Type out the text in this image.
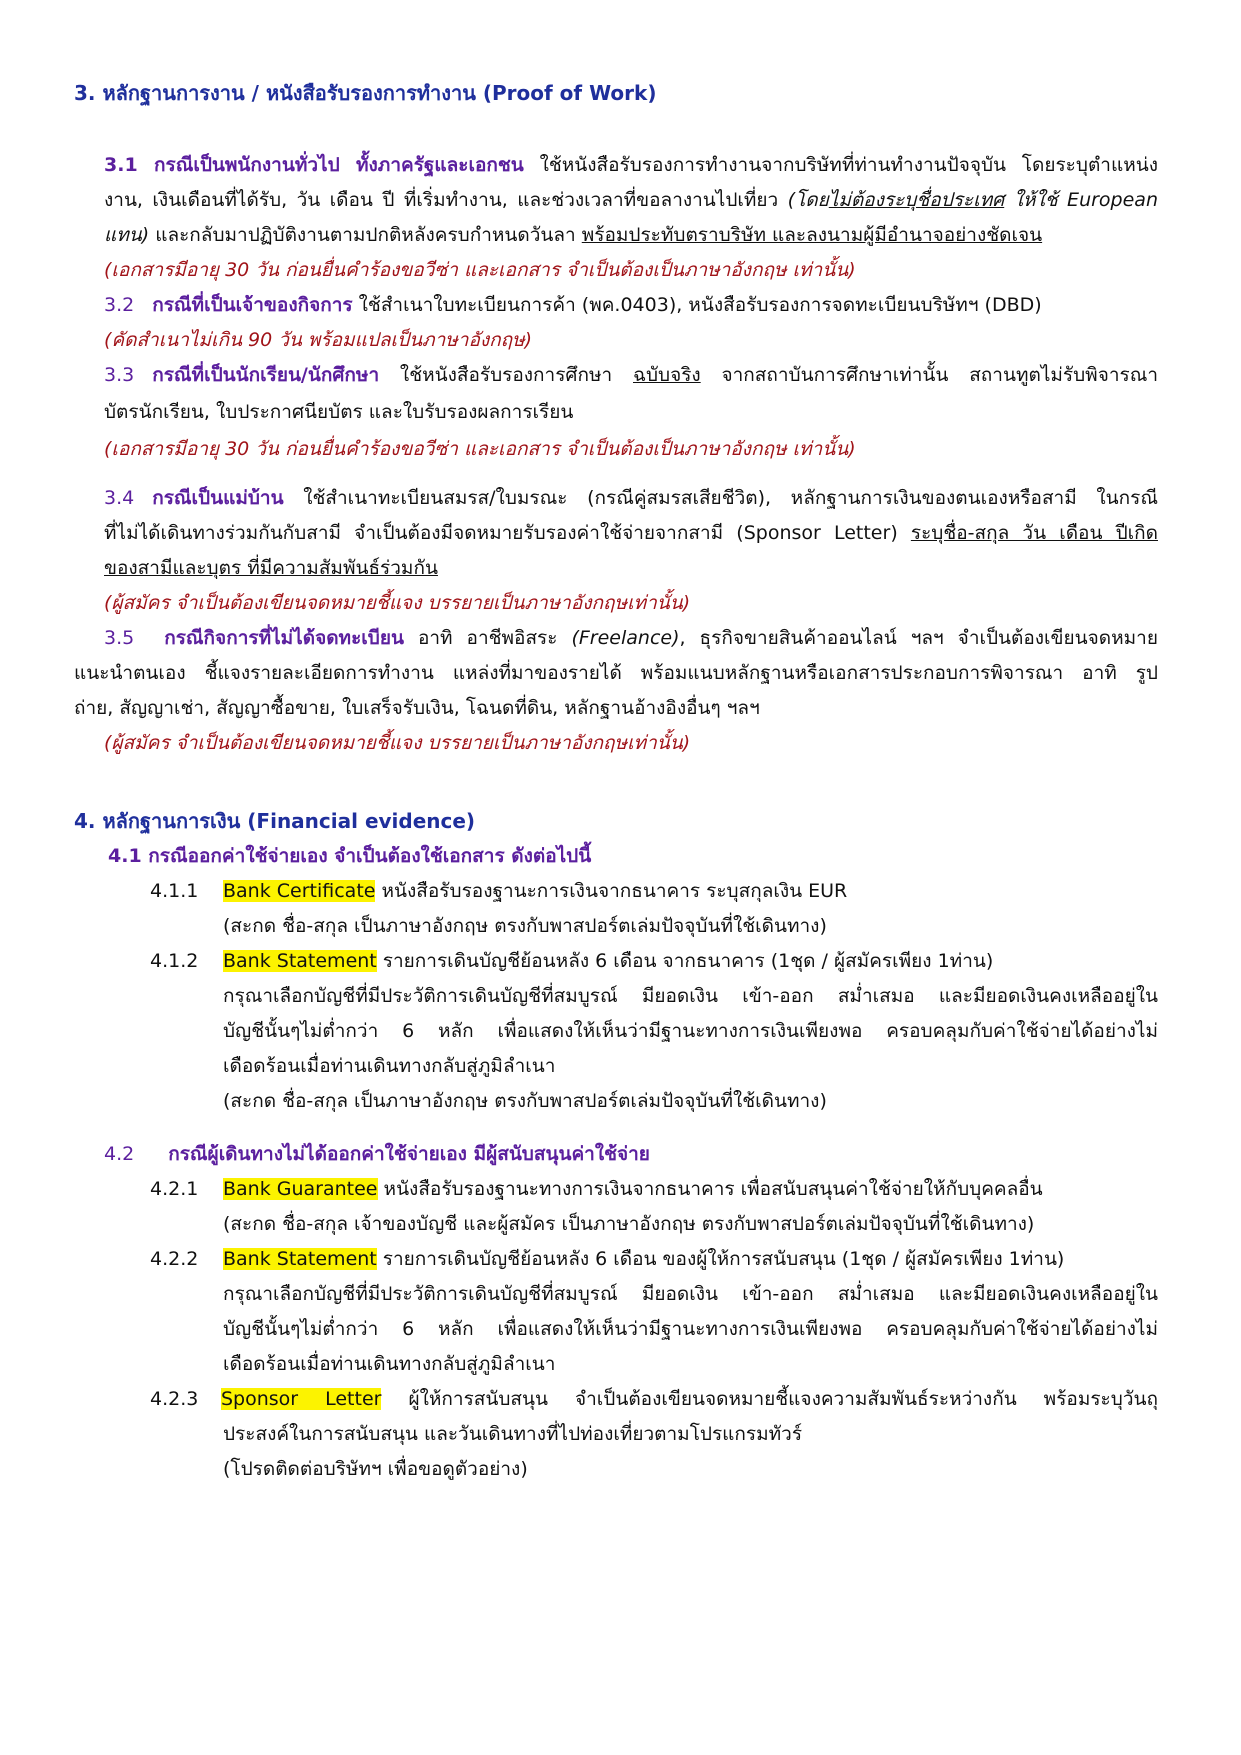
3. หลักฐานการงาน / หนังสือรับรองการทำงาน (Proof of Work)
3.1 กรณีเป็นพนักงานทั่วไป ทั้งภาครัฐและเอกชน ใช้หนังสือรับรองการทำงานจากบริษัทที่ท่านทำงานปัจจุบัน โดยระบุตำแหน่ง
งาน, เงินเดือนที่ได้รับ, วัน เดือน ปี ที่เริ่มทำงาน, และช่วงเวลาที่ขอลางานไปเที่ยว (โดยไม่ต้องระบุชื่อประเทศ ให้ใช้ European
แทน) และกลับมาปฏิบัติงานตามปกติหลังครบกำหนดวันลา พร้อมประทับตราบริษัท และลงนามผู้มีอำนาจอย่างชัดเจน
(เอกสารมีอายุ 30 วัน ก่อนยื่นคำร้องขอวีซ่า และเอกสาร จำเป็นต้องเป็นภาษาอังกฤษ เท่านั้น)
3.2 กรณีที่เป็นเจ้าของกิจการ ใช้สำเนาใบทะเบียนการค้า (พค.0403), หนังสือรับรองการจดทะเบียนบริษัทฯ (DBD)
(คัดสำเนาไม่เกิน 90 วัน พร้อมแปลเป็นภาษาอังกฤษ)
3.3 กรณีที่เป็นนักเรียน/นักศึกษา ใช้หนังสือรับรองการศึกษา ฉบับจริง จากสถาบันการศึกษาเท่านั้น สถานทูตไม่รับพิจารณา
บัตรนักเรียน, ใบประกาศนียบัตร และใบรับรองผลการเรียน
(เอกสารมีอายุ 30 วัน ก่อนยื่นคำร้องขอวีซ่า และเอกสาร จำเป็นต้องเป็นภาษาอังกฤษ เท่านั้น)
3.4 กรณีเป็นแม่บ้าน ใช้สำเนาทะเบียนสมรส/ใบมรณะ (กรณีคู่สมรสเสียชีวิต), หลักฐานการเงินของตนเองหรือสามี ในกรณี
ที่ไม่ได้เดินทางร่วมกันกับสามี จำเป็นต้องมีจดหมายรับรองค่าใช้จ่ายจากสามี (Sponsor Letter) ระบุชื่อ-สกุล วัน เดือน ปีเกิด
ของสามีและบุตร ที่มีความสัมพันธ์ร่วมกัน
(ผู้สมัคร จำเป็นต้องเขียนจดหมายชี้แจง บรรยายเป็นภาษาอังกฤษเท่านั้น)
3.5 กรณีกิจการที่ไม่ได้จดทะเบียน อาทิ อาชีพอิสระ (Freelance), ธุรกิจขายสินค้าออนไลน์ ฯลฯ จำเป็นต้องเขียนจดหมาย
แนะนำตนเอง ชี้แจงรายละเอียดการทำงาน แหล่งที่มาของรายได้ พร้อมแนบหลักฐานหรือเอกสารประกอบการพิจารณา อาทิ รูป
ถ่าย, สัญญาเช่า, สัญญาซื้อขาย, ใบเสร็จรับเงิน, โฉนดที่ดิน, หลักฐานอ้างอิงอื่นๆ ฯลฯ
(ผู้สมัคร จำเป็นต้องเขียนจดหมายชี้แจง บรรยายเป็นภาษาอังกฤษเท่านั้น)
4. หลักฐานการเงิน (Financial evidence)
4.1 กรณีออกค่าใช้จ่ายเอง จำเป็นต้องใช้เอกสาร ดังต่อไปนี้
4.1.1 Bank Certificate หนังสือรับรองฐานะการเงินจากธนาคาร ระบุสกุลเงิน EUR
(สะกด ชื่อ-สกุล เป็นภาษาอังกฤษ ตรงกับพาสปอร์ตเล่มปัจจุบันที่ใช้เดินทาง)
4.1.2 Bank Statement รายการเดินบัญชีย้อนหลัง 6 เดือน จากธนาคาร (1ชุด / ผู้สมัครเพียง 1ท่าน)
กรุณาเลือกบัญชีที่มีประวัติการเดินบัญชีที่สมบูรณ์ มียอดเงิน เข้า-ออก สม่ำเสมอ และมียอดเงินคงเหลืออยู่ใน
บัญชีนั้นๆไม่ต่ำกว่า 6 หลัก เพื่อแสดงให้เห็นว่ามีฐานะทางการเงินเพียงพอ ครอบคลุมกับค่าใช้จ่ายได้อย่างไม่
เดือดร้อนเมื่อท่านเดินทางกลับสู่ภูมิลำเนา
(สะกด ชื่อ-สกุล เป็นภาษาอังกฤษ ตรงกับพาสปอร์ตเล่มปัจจุบันที่ใช้เดินทาง)
4.2 กรณีผู้เดินทางไม่ได้ออกค่าใช้จ่ายเอง มีผู้สนับสนุนค่าใช้จ่าย
4.2.1 Bank Guarantee หนังสือรับรองฐานะทางการเงินจากธนาคาร เพื่อสนับสนุนค่าใช้จ่ายให้กับบุคคลอื่น
(สะกด ชื่อ-สกุล เจ้าของบัญชี และผู้สมัคร เป็นภาษาอังกฤษ ตรงกับพาสปอร์ตเล่มปัจจุบันที่ใช้เดินทาง)
4.2.2 Bank Statement รายการเดินบัญชีย้อนหลัง 6 เดือน ของผู้ให้การสนับสนุน (1ชุด / ผู้สมัครเพียง 1ท่าน)
กรุณาเลือกบัญชีที่มีประวัติการเดินบัญชีที่สมบูรณ์ มียอดเงิน เข้า-ออก สม่ำเสมอ และมียอดเงินคงเหลืออยู่ใน
บัญชีนั้นๆไม่ต่ำกว่า 6 หลัก เพื่อแสดงให้เห็นว่ามีฐานะทางการเงินเพียงพอ ครอบคลุมกับค่าใช้จ่ายได้อย่างไม่
เดือดร้อนเมื่อท่านเดินทางกลับสู่ภูมิลำเนา
4.2.3 Sponsor Letter ผู้ให้การสนับสนุน จำเป็นต้องเขียนจดหมายชี้แจงความสัมพันธ์ระหว่างกัน พร้อมระบุวันถุ
ประสงค์ในการสนับสนุน และวันเดินทางที่ไปท่องเที่ยวตามโปรแกรมทัวร์
(โปรดติดต่อบริษัทฯ เพื่อขอดูตัวอย่าง)
